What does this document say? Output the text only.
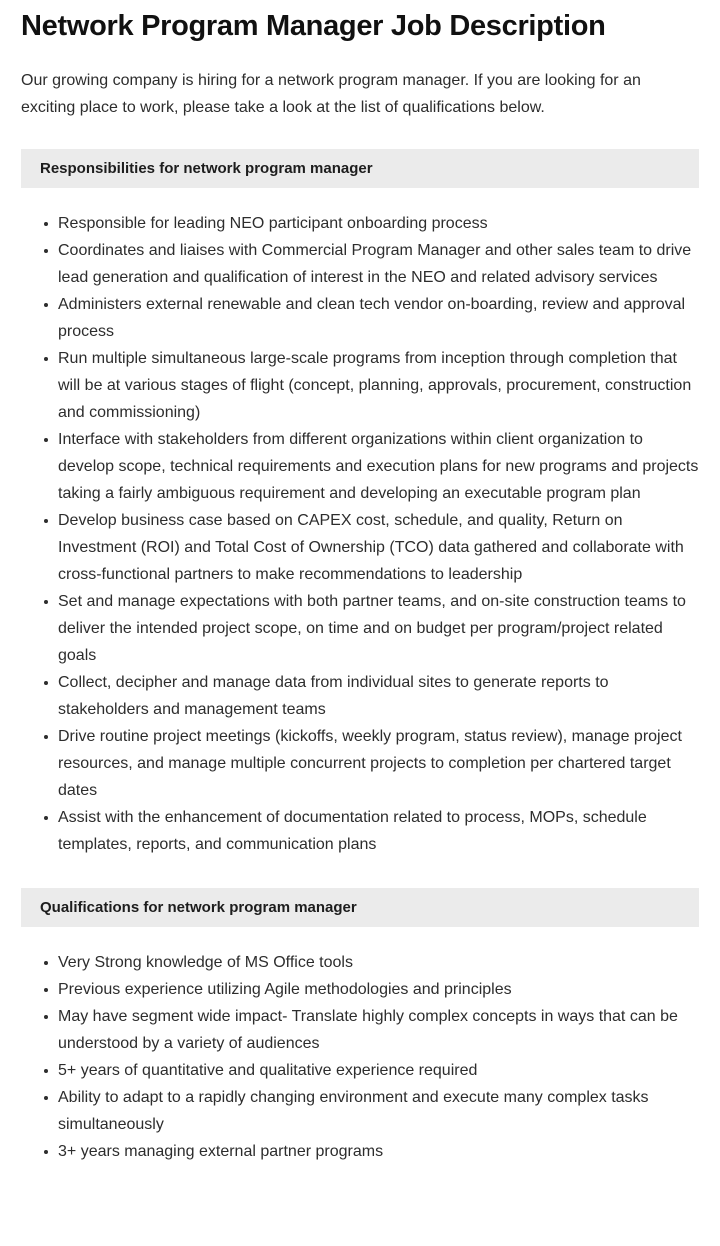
Network Program Manager Job Description

Our growing company is hiring for a network program manager. If you are looking for an exciting place to work, please take a look at the list of qualifications below.

Responsibilities for network program manager
Responsible for leading NEO participant onboarding process
Coordinates and liaises with Commercial Program Manager and other sales team to drive lead generation and qualification of interest in the NEO and related advisory services
Administers external renewable and clean tech vendor on-boarding, review and approval process
Run multiple simultaneous large-scale programs from inception through completion that will be at various stages of flight (concept, planning, approvals, procurement, construction and commissioning)
Interface with stakeholders from different organizations within client organization to develop scope, technical requirements and execution plans for new programs and projects taking a fairly ambiguous requirement and developing an executable program plan
Develop business case based on CAPEX cost, schedule, and quality, Return on Investment (ROI) and Total Cost of Ownership (TCO) data gathered and collaborate with cross-functional partners to make recommendations to leadership
Set and manage expectations with both partner teams, and on-site construction teams to deliver the intended project scope, on time and on budget per program/project related goals
Collect, decipher and manage data from individual sites to generate reports to stakeholders and management teams
Drive routine project meetings (kickoffs, weekly program, status review), manage project resources, and manage multiple concurrent projects to completion per chartered target dates
Assist with the enhancement of documentation related to process, MOPs, schedule templates, reports, and communication plans
Qualifications for network program manager
Very Strong knowledge of MS Office tools
Previous experience utilizing Agile methodologies and principles
May have segment wide impact- Translate highly complex concepts in ways that can be understood by a variety of audiences
5+ years of quantitative and qualitative experience required
Ability to adapt to a rapidly changing environment and execute many complex tasks simultaneously
3+ years managing external partner programs
